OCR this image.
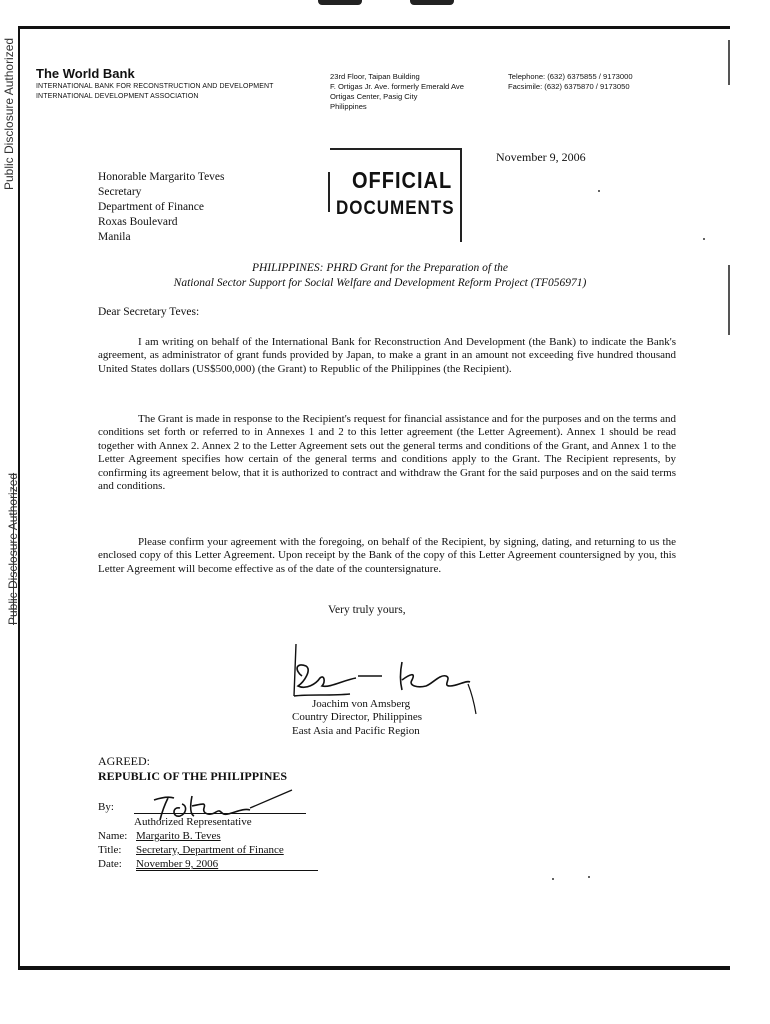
Public Disclosure Authorized
Public Disclosure Authorized
The World Bank
INTERNATIONAL BANK FOR RECONSTRUCTION AND DEVELOPMENT
INTERNATIONAL DEVELOPMENT ASSOCIATION
23rd Floor, Taipan Building
F. Ortigas Jr. Ave. formerly Emerald Ave
Ortigas Center, Pasig City
Philippines
Telephone: (632) 6375855 / 9173000
Facsimile: (632) 6375870 / 9173050
OFFICIAL
DOCUMENTS
November 9, 2006
Honorable Margarito Teves
Secretary
Department of Finance
Roxas Boulevard
Manila
PHILIPPINES: PHRD Grant for the Preparation of the
National Sector Support for Social Welfare and Development Reform Project (TF056971)
Dear Secretary Teves:
I am writing on behalf of the International Bank for Reconstruction And Development (the Bank) to indicate the Bank's agreement, as administrator of grant funds provided by Japan, to make a grant in an amount not exceeding five hundred thousand United States dollars (US$500,000) (the Grant) to Republic of the Philippines (the Recipient).
The Grant is made in response to the Recipient's request for financial assistance and for the purposes and on the terms and conditions set forth or referred to in Annexes 1 and 2 to this letter agreement (the Letter Agreement). Annex 1 should be read together with Annex 2. Annex 2 to the Letter Agreement sets out the general terms and conditions of the Grant, and Annex 1 to the Letter Agreement specifies how certain of the general terms and conditions apply to the Grant. The Recipient represents, by confirming its agreement below, that it is authorized to contract and withdraw the Grant for the said purposes and on the said terms and conditions.
Please confirm your agreement with the foregoing, on behalf of the Recipient, by signing, dating, and returning to us the enclosed copy of this Letter Agreement. Upon receipt by the Bank of the copy of this Letter Agreement countersigned by you, this Letter Agreement will become effective as of the date of the countersignature.
Very truly yours,
Joachim von Amsberg
Country Director, Philippines
East Asia and Pacific Region
AGREED:
REPUBLIC OF THE PHILIPPINES
By:
Authorized Representative
Name: Margarito B. Teves
Title:	Secretary, Department of Finance
Date:	November 9, 2006
